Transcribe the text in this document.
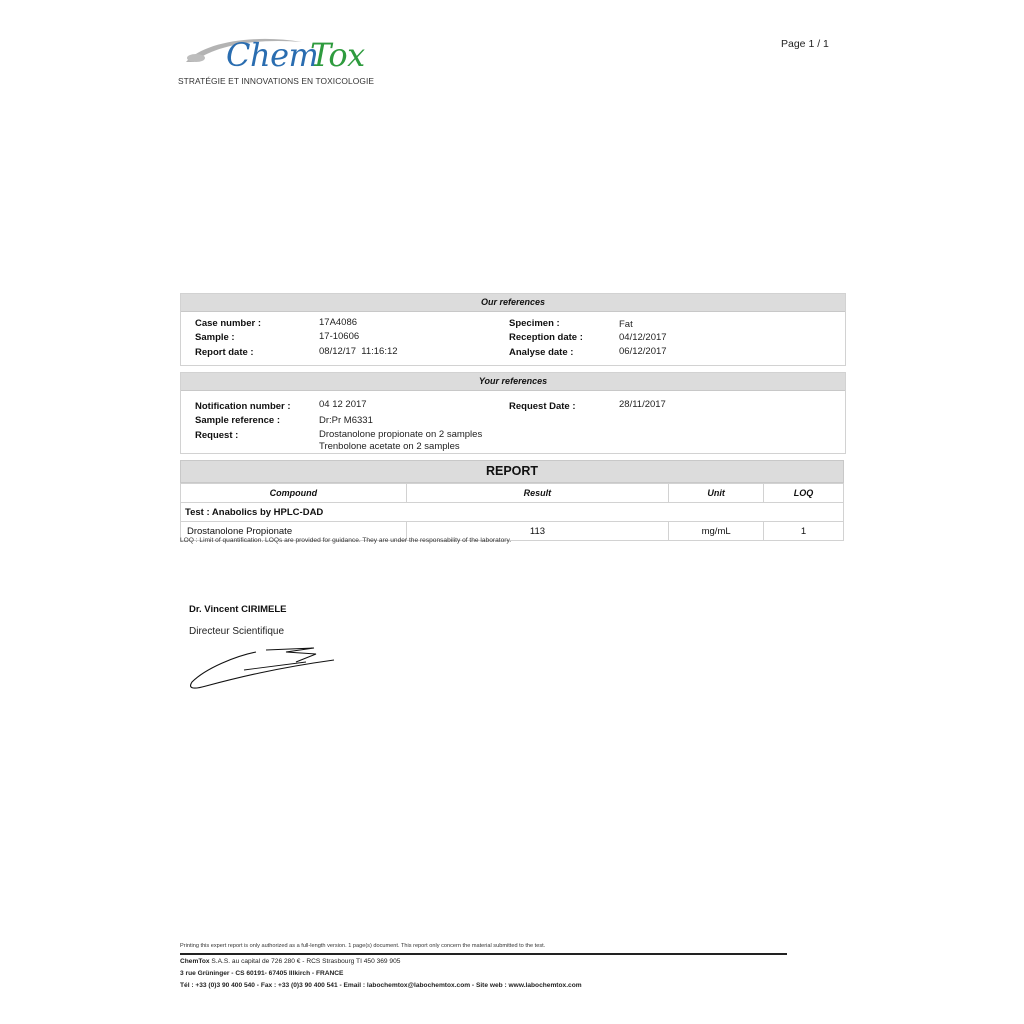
Chem
Tox
STRATÉGIE ET INNOVATIONS EN TOXICOLOGIE
Page 1 / 1
Our references
Case number :	17A4086
Sample :	17-10606
Report date :	08/12/17  11:16:12
Specimen :	Fat
Reception date :	04/12/2017
Analyse date :	06/12/2017
Your references
Notification number :	04 12 2017
Sample reference :	Dr:Pr M6331
Request :	Drostanolone propionate on 2 samples
Trenbolone acetate on 2 samples
Request Date :	28/11/2017
REPORT
Compound	Result	Unit	LOQ
Test : Anabolics by HPLC-DAD			
Drostanolone Propionate	113	mg/mL	1
LOQ : Limit of quantification. LOQs are provided for guidance. They are under the responsability of the laboratory.
Dr. Vincent CIRIMELE
Directeur Scientifique
Printing this expert report is only authorized as a full-length version. 1 page(s) document. This report only concern the material submitted to the test.
ChemTox S.A.S. au capital de 726 280 € - RCS Strasbourg TI 450 369 905
3 rue Grüninger - CS 60191- 67405 Illkirch - FRANCE
Tél : +33 (0)3 90 400 540 - Fax : +33 (0)3 90 400 541 - Email : labochemtox@labochemtox.com - Site web : www.labochemtox.com
